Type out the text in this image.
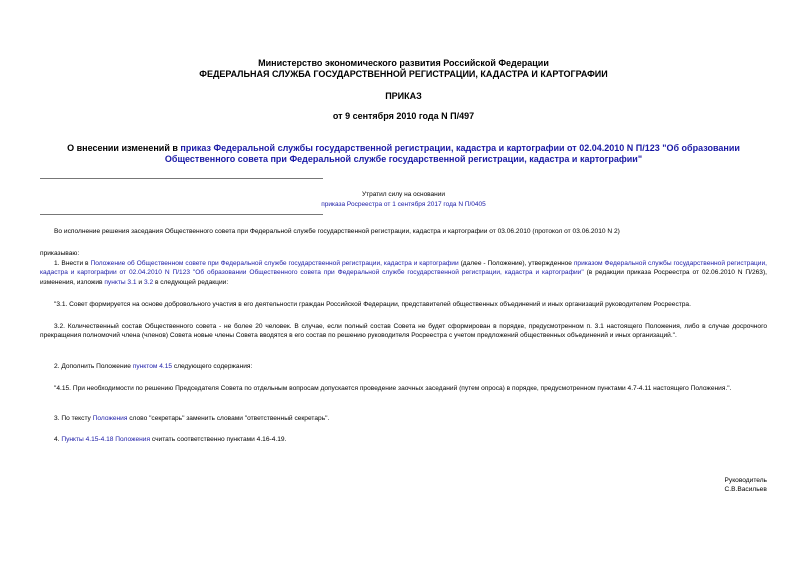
Министерство экономического развития Российской Федерации
ФЕДЕРАЛЬНАЯ СЛУЖБА ГОСУДАРСТВЕННОЙ РЕГИСТРАЦИИ, КАДАСТРА И КАРТОГРАФИИ
ПРИКАЗ
от 9 сентября 2010 года N П/497
О внесении изменений в приказ Федеральной службы государственной регистрации, кадастра и картографии от 02.04.2010 N П/123 "Об образовании
Общественного совета при Федеральной службе государственной регистрации, кадастра и картографии"
Утратил силу на основании
приказа Росреестра от 1 сентября 2017 года N П/0405
Во исполнение решения заседания Общественного совета при Федеральной службе государственной регистрации, кадастра и картографии от 03.06.2010 (протокол от 03.06.2010 N 2)
приказываю:
1. Внести в Положение об Общественном совете при Федеральной службе государственной регистрации, кадастра и картографии (далее - Положение), утвержденное приказом Федеральной службы государственной регистрации, кадастра и картографии от 02.04.2010 N П/123 "Об образовании Общественного совета при Федеральной службе государственной регистрации, кадастра и картографии" (в редакции приказа Росреестра от 02.06.2010 N П/263), изменения, изложив пункты 3.1 и 3.2 в следующей редакции:
"3.1. Совет формируется на основе добровольного участия в его деятельности граждан Российской Федерации, представителей общественных объединений и иных организаций руководителем Росреестра.
3.2. Количественный состав Общественного совета - не более 20 человек. В случае, если полный состав Совета не будет сформирован в порядке, предусмотренном п. 3.1 настоящего Положения, либо в случае досрочного прекращения полномочий члена (членов) Совета новые члены Совета вводятся в его состав по решению руководителя Росреестра с учетом предложений общественных объединений и иных организаций.".
2. Дополнить Положение пунктом 4.15 следующего содержания:
"4.15. При необходимости по решению Председателя Совета по отдельным вопросам допускается проведение заочных заседаний (путем опроса) в порядке, предусмотренном пунктами 4.7-4.11 настоящего Положения.".
3. По тексту Положения слово "секретарь" заменить словами "ответственный секретарь".
4. Пункты 4.15-4.18 Положения считать соответственно пунктами 4.16-4.19.
Руководитель
С.В.Васильев
